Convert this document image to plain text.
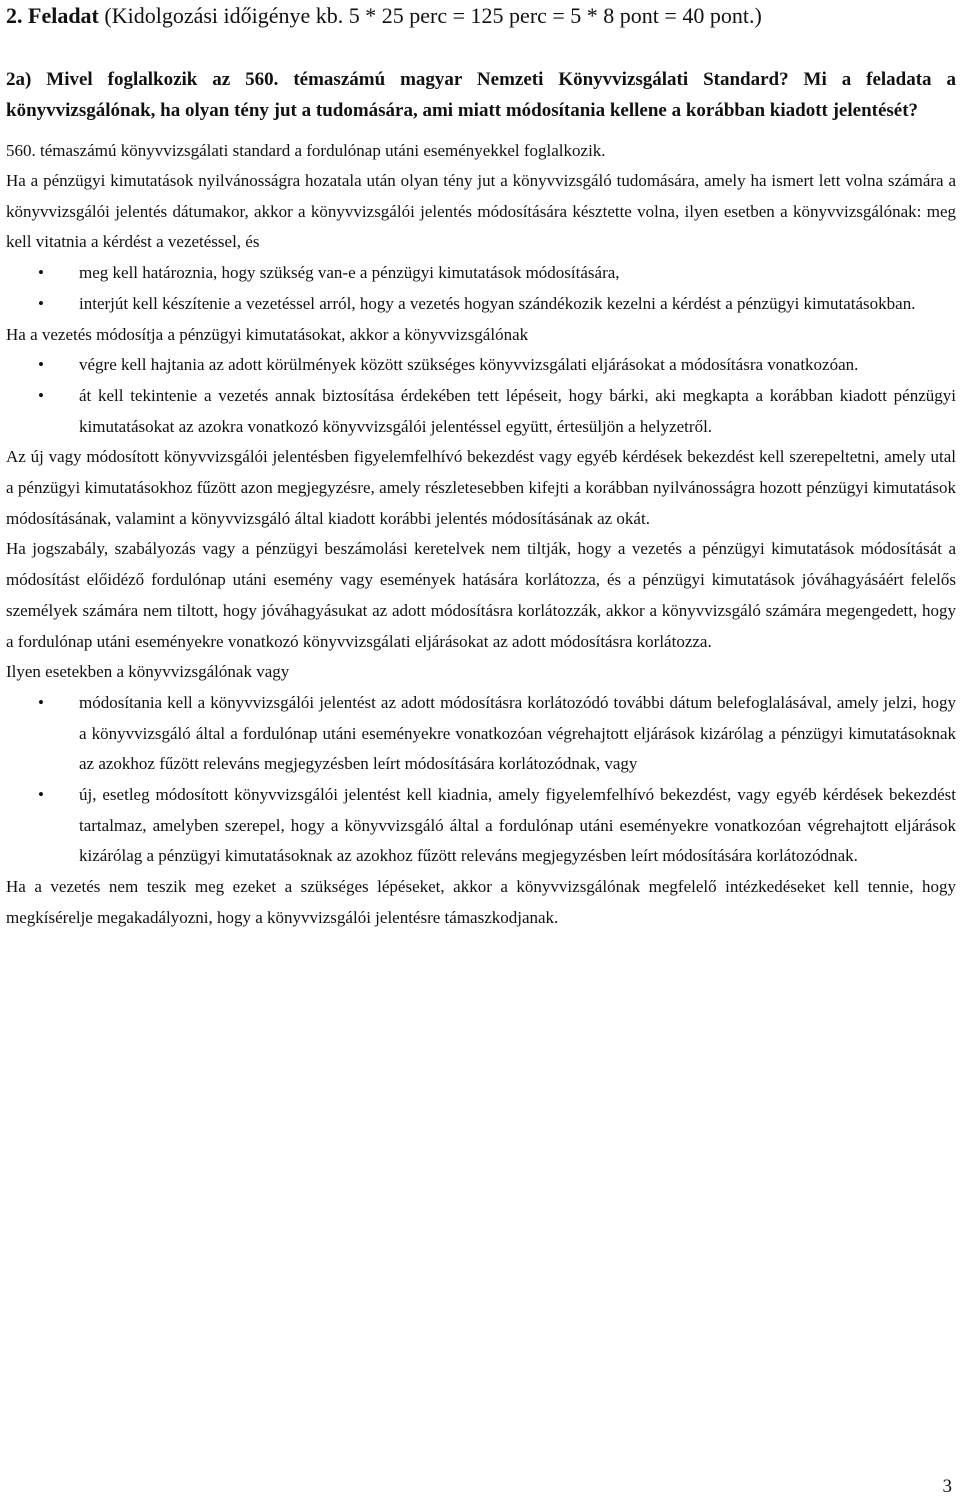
2. Feladat (Kidolgozási időigénye kb. 5 * 25 perc = 125 perc = 5 * 8 pont = 40 pont.)

2a) Mivel foglalkozik az 560. témaszámú magyar Nemzeti Könyvvizsgálati Standard? Mi a feladata a könyvvizsgálónak, ha olyan tény jut a tudomására, ami miatt módosítania kellene a korábban kiadott jelentését?

560. témaszámú könyvvizsgálati standard a fordulónap utáni eseményekkel foglalkozik.

Ha a pénzügyi kimutatások nyilvánosságra hozatala után olyan tény jut a könyvvizsgáló tudomására, amely ha ismert lett volna számára a könyvvizsgálói jelentés dátumakor, akkor a könyvvizsgálói jelentés módosítására késztette volna, ilyen esetben a könyvvizsgálónak: meg kell vitatnia a kérdést a vezetéssel, és

• meg kell határoznia, hogy szükség van-e a pénzügyi kimutatások módosítására,
• interjút kell készítenie a vezetéssel arról, hogy a vezetés hogyan szándékozik kezelni a kérdést a pénzügyi kimutatásokban.

Ha a vezetés módosítja a pénzügyi kimutatásokat, akkor a könyvvizsgálónak

• végre kell hajtania az adott körülmények között szükséges könyvvizsgálati eljárásokat a módosításra vonatkozóan.
• át kell tekintenie a vezetés annak biztosítása érdekében tett lépéseit, hogy bárki, aki megkapta a korábban kiadott pénzügyi kimutatásokat az azokra vonatkozó könyvvizsgálói jelentéssel együtt, értesüljön a helyzetről.

Az új vagy módosított könyvvizsgálói jelentésben figyelemfelhívó bekezdést vagy egyéb kérdések bekezdést kell szerepeltetni, amely utal a pénzügyi kimutatásokhoz fűzött azon megjegyzésre, amely részletesebben kifejti a korábban nyilvánosságra hozott pénzügyi kimutatások módosításának, valamint a könyvvizsgáló által kiadott korábbi jelentés módosításának az okát.

Ha jogszabály, szabályozás vagy a pénzügyi beszámolási keretelvek nem tiltják, hogy a vezetés a pénzügyi kimutatások módosítását a módosítást előidéző fordulónap utáni esemény vagy események hatására korlátozza, és a pénzügyi kimutatások jóváhagyásáért felelős személyek számára nem tiltott, hogy jóváhagyásukat az adott módosításra korlátozzák, akkor a könyvvizsgáló számára megengedett, hogy a fordulónap utáni eseményekre vonatkozó könyvvizsgálati eljárásokat az adott módosításra korlátozza.

Ilyen esetekben a könyvvizsgálónak vagy

• módosítania kell a könyvvizsgálói jelentést az adott módosításra korlátozódó további dátum belefoglalásával, amely jelzi, hogy a könyvvizsgáló által a fordulónap utáni eseményekre vonatkozóan végrehajtott eljárások kizárólag a pénzügyi kimutatásoknak az azokhoz fűzött releváns megjegyzésben leírt módosítására korlátozódnak, vagy
• új, esetleg módosított könyvvizsgálói jelentést kell kiadnia, amely figyelemfelhívó bekezdést, vagy egyéb kérdések bekezdést tartalmaz, amelyben szerepel, hogy a könyvvizsgáló által a fordulónap utáni eseményekre vonatkozóan végrehajtott eljárások kizárólag a pénzügyi kimutatásoknak az azokhoz fűzött releváns megjegyzésben leírt módosítására korlátozódnak.

Ha a vezetés nem teszik meg ezeket a szükséges lépéseket, akkor a könyvvizsgálónak megfelelő intézkedéseket kell tennie, hogy megkísérelje megakadályozni, hogy a könyvvizsgálói jelentésre támaszkodjanak.

3
